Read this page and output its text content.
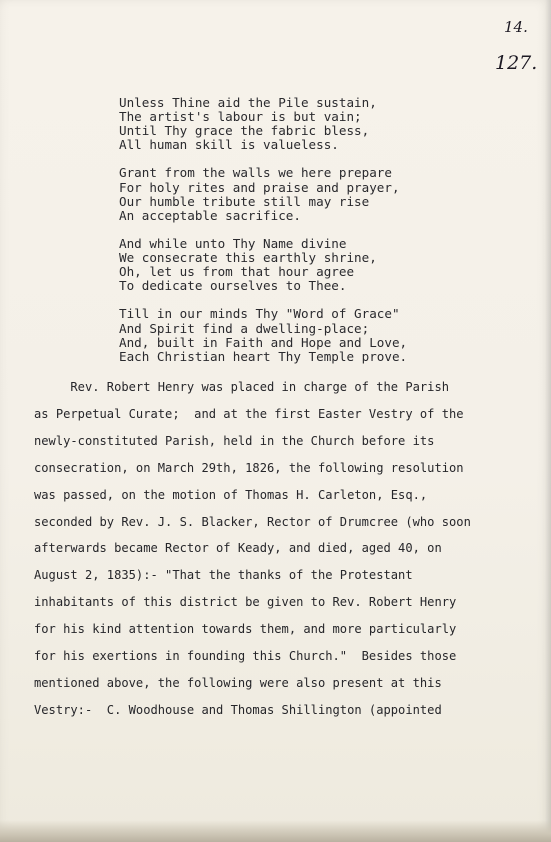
14.
127.
Unless Thine aid the Pile sustain,
The artist's labour is but vain;
Until Thy grace the fabric bless,
All human skill is valueless.
Grant from the walls we here prepare
For holy rites and praise and prayer,
Our humble tribute still may rise
An acceptable sacrifice.
And while unto Thy Name divine
We consecrate this earthly shrine,
Oh, let us from that hour agree
To dedicate ourselves to Thee.
Till in our minds Thy "Word of Grace"
And Spirit find a dwelling-place;
And, built in Faith and Hope and Love,
Each Christian heart Thy Temple prove.
Rev. Robert Henry was placed in charge of the Parish
as Perpetual Curate;  and at the first Easter Vestry of the
newly-constituted Parish, held in the Church before its
consecration, on March 29th, 1826, the following resolution
was passed, on the motion of Thomas H. Carleton, Esq.,
seconded by Rev. J. S. Blacker, Rector of Drumcree (who soon
afterwards became Rector of Keady, and died, aged 40, on
August 2, 1835):- "That the thanks of the Protestant
inhabitants of this district be given to Rev. Robert Henry
for his kind attention towards them, and more particularly
for his exertions in founding this Church."  Besides those
mentioned above, the following were also present at this
Vestry:-  C. Woodhouse and Thomas Shillington (appointed
